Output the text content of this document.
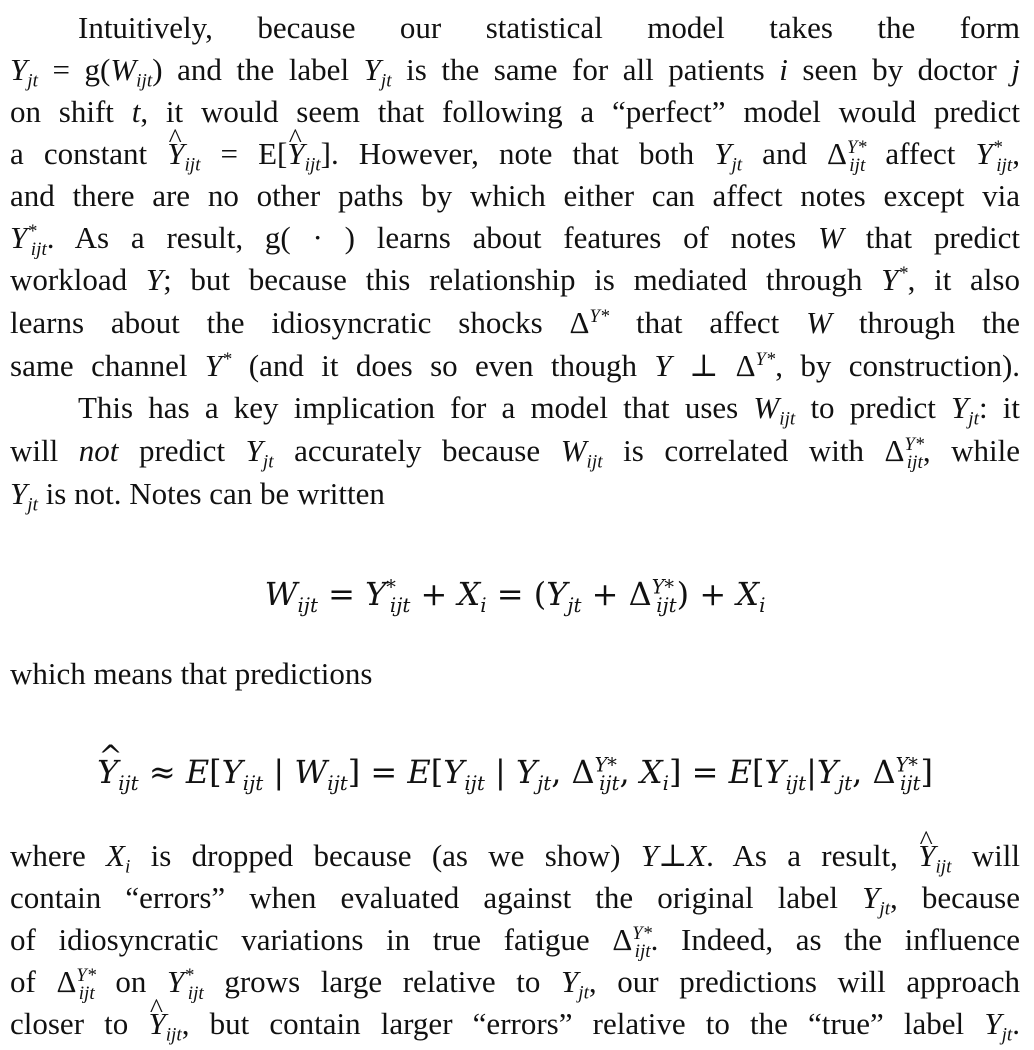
Intuitively, because our statistical model takes the form
$Y_{jt} = g(W_{ijt})$ and the label $Y_{jt}$ is the same for all patients i seen by doctor j
on shift t, it would seem that following a “perfect” model would predict
a constant ^ $Y_{ijt}$ = E[^ $Y_{ijt}$]. However, note that both $Y_{jt}$ and $\Delta^{Y*}_{ijt}$ affect $Y^*_{ijt}$,
and there are no other paths by which either can affect notes except via
$Y^*_{ijt}$. As a result, g( · ) learns about features of notes W that predict
workload Y; but because this relationship is mediated through Y*, it also
learns about the idiosyncratic shocks $\Delta^{Y*}$ that affect W through the
same channel Y* (and it does so even though Y ⊥ $\Delta^{Y*}$, by construction).
This has a key implication for a model that uses $W_{ijt}$ to predict $Y_{jt}$: it
will not predict $Y_{jt}$ accurately because $W_{ijt}$ is correlated with $\Delta^{Y*}_{ijt}$, while
$Y_{jt}$ is not. Notes can be written
$W_{ijt} = Y^*_{ijt} + X_i = (Y_{jt} + \Delta^{Y*}_{ijt}) + X_i$
which means that predictions
^ $Y_{ijt} \approx E[Y_{ijt}$ | $W_{ijt}] = E[Y_{ijt}$ | $Y_{jt}$, $\Delta^{Y*}_{ijt}$, $X_i] = E[Y_{ijt}|Y_{jt}$, $\Delta^{Y*}_{ijt}$]
where $X_i$ is dropped because (as we show) Y⊥X. As a result, ^ $Y_{ijt}$ will
contain “errors” when evaluated against the original label $Y_{jt}$, because
of idiosyncratic variations in true fatigue $\Delta^{Y*}_{ijt}$. Indeed, as the influence
of $\Delta^{Y*}_{ijt}$ on $Y^*_{ijt}$ grows large relative to $Y_{jt}$, our predictions will approach
closer to ^ $Y_{ijt}$, but contain larger “errors” relative to the “true” label $Y_{jt}$.
